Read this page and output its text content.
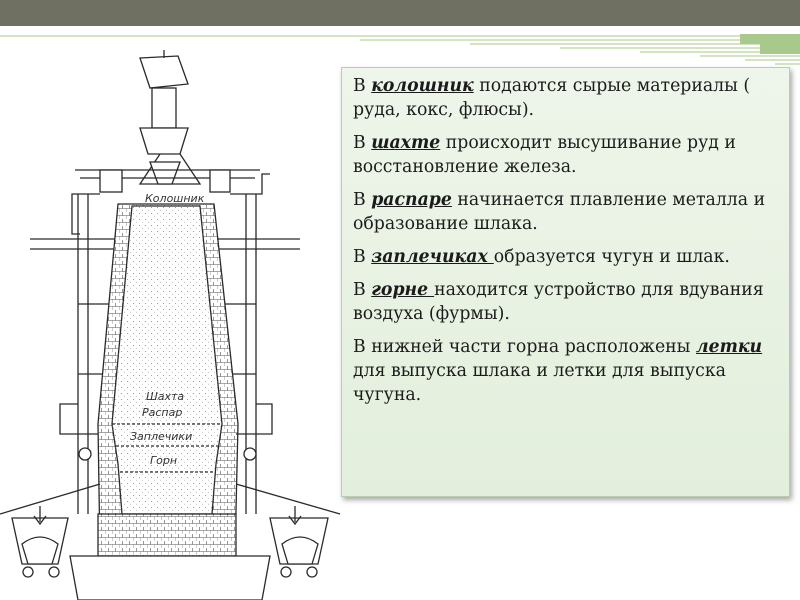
Колошник
Шахта
Распар
Заплечики
Горн

В колошник подаются сырые материалы ( руда, кокс, флюсы).

В шахте происходит высушивание руд и восстановление железа.

В распаре начинается плавление металла и образование шлака.

В заплечиках образуется чугун и шлак.

В горне находится устройство для вдувания воздуха (фурмы).

В нижней части горна расположены летки для выпуска шлака и летки для выпуска чугуна.
